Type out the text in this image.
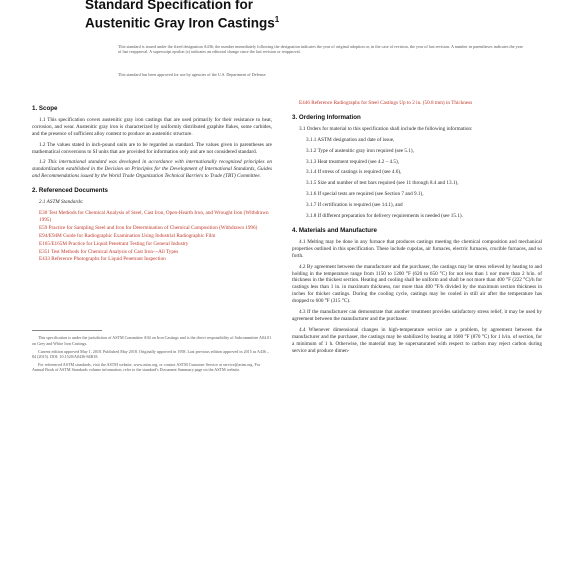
Standard Specification for
Austenitic Gray Iron Castings$^1$
This standard is issued under the fixed designation A436; the number immediately following the designation indicates the year of original adoption or, in the case of revision, the year of last revision. A number in parentheses indicates the year of last reapproval. A superscript epsilon (ε) indicates an editorial change since the last revision or reapproval.
This standard has been approved for use by agencies of the U.S. Department of Defense.
1. Scope
1.1 This specification covers austenitic gray iron castings that are used primarily for their resistance to heat, corrosion, and wear. Austenitic gray iron is characterized by uniformly distributed graphite flakes, some carbides, and the presence of sufficient alloy content to produce an austenitic structure.
1.2 The values stated in inch-pound units are to be regarded as standard. The values given in parentheses are mathematical conversions to SI units that are provided for information only and are not considered standard.
1.3 This international standard was developed in accordance with internationally recognized principles on standardization established in the Decision on Principles for the Development of International Standards, Guides and Recommendations issued by the World Trade Organization Technical Barriers to Trade (TBT) Committee.
2. Referenced Documents
2.1 ASTM Standards:
E30 Test Methods for Chemical Analysis of Steel, Cast Iron, Open-Hearth Iron, and Wrought Iron (Withdrawn 1995)
E59 Practice for Sampling Steel and Iron for Determination of Chemical Composition (Withdrawn 1996)
E94/E94M Guide for Radiographic Examination Using Industrial Radiographic Film
E165/E165M Practice for Liquid Penetrant Testing for General Industry
E351 Test Methods for Chemical Analysis of Cast Iron—All Types
E433 Reference Photographs for Liquid Penetrant Inspection
This specification is under the jurisdiction of ASTM Committee A04 on Iron Castings and is the direct responsibility of Subcommittee A04.01 on Grey and White Iron Castings.
Current edition approved May 1, 2018. Published May 2018. Originally approved in 1958. Last previous edition approved in 2015 as A436 – 84 (2015). DOI: 10.1520/A0436-84R18.
For referenced ASTM standards, visit the ASTM website, www.astm.org, or contact ASTM Customer Service at service@astm.org. For Annual Book of ASTM Standards volume information, refer to the standard's Document Summary page on the ASTM website.
E446 Reference Radiographs for Steel Castings Up to 2 in. (50.8 mm) in Thickness
3. Ordering Information
3.1 Orders for material to this specification shall include the following information:
3.1.1 ASTM designation and date of issue,
3.1.2 Type of austenitic gray iron required (see 5.1),
3.1.3 Heat treatment required (see 4.2 – 4.5),
3.1.4 If stress of castings is required (see 4.6),
3.1.5 Size and number of test bars required (see 11 through 8.4 and 13.1),
3.1.6 If special tests are required (see Section 7 and 9.1),
3.1.7 If certification is required (see 14.1), and
3.1.8 If different preparation for delivery requirements is needed (see 15.1).
4. Materials and Manufacture
4.1 Melting may be done in any furnace that produces castings meeting the chemical composition and mechanical properties outlined in this specification. These include cupolas, air furnaces, electric furnaces, crucible furnaces, and so forth.
4.2 By agreement between the manufacturer and the purchaser, the castings may be stress relieved by heating to and holding in the temperature range from 1150 to 1200 °F (620 to 650 °C) for not less than 1 nor more than 2 h/in. of thickness in the thickest section. Heating and cooling shall be uniform and shall be not more than 400 °F (222 °C)/h for castings less than 1 in. in maximum thickness, nor more than 400 °F/h divided by the maximum section thickness in inches for thicker castings. During the cooling cycle, castings may be cooled in still air after the temperature has dropped to 600 °F (315 °C).
4.3 If the manufacturer can demonstrate that another treatment provides satisfactory stress relief, it may be used by agreement between the manufacturer and the purchaser.
4.4 Whenever dimensional changes in high-temperature service are a problem, by agreement between the manufacturer and the purchaser, the castings may be stabilized by heating at 1600 °F (870 °C) for 1 h/in. of section, for a minimum of 1 h. Otherwise, the material may be supersaturated with respect to carbon may reject carbon during service and produce dimen-
